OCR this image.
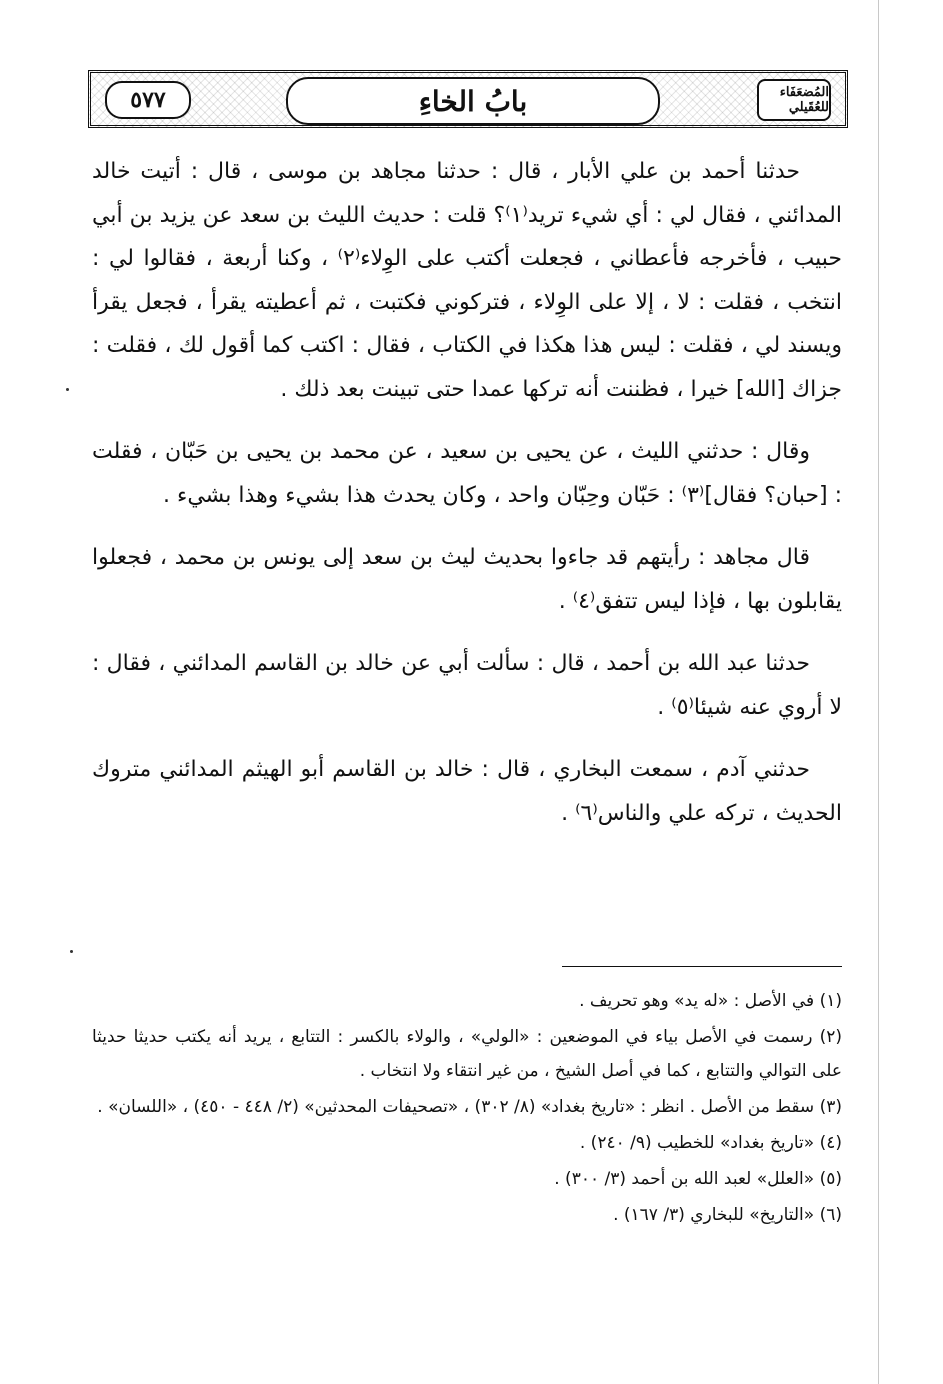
٥٧٧	بابُ الخاءِ	المُضعَفَاء للعُقَيلي

حدثنا أحمد بن علي الأبار ، قال : حدثنا مجاهد بن موسى ، قال : أتيت خالد المدائني ، فقال لي : أي شيء تريد⁽١⁾؟ قلت : حديث الليث بن سعد عن يزيد بن أبي حبيب ، فأخرجه فأعطاني ، فجعلت أكتب على الوِلاء⁽٢⁾ ، وكنا أربعة ، فقالوا لي : انتخب ، فقلت : لا ، إلا على الوِلاء ، فتركوني فكتبت ، ثم أعطيته يقرأ ، فجعل يقرأ ويسند لي ، فقلت : ليس هذا هكذا في الكتاب ، فقال : اكتب كما أقول لك ، فقلت : جزاك [الله] خيرا ، فظننت أنه تركها عمدا حتى تبينت بعد ذلك .

وقال : حدثني الليث ، عن يحيى بن سعيد ، عن محمد بن يحيى بن حَبّان ، فقلت : [حبان؟ فقال]⁽٣⁾ : حَبّان وحِبّان واحد ، وكان يحدث هذا بشيء وهذا بشيء .

قال مجاهد : رأيتهم قد جاءوا بحديث ليث بن سعد إلى يونس بن محمد ، فجعلوا يقابلون بها ، فإذا ليس تتفق⁽٤⁾ .

حدثنا عبد الله بن أحمد ، قال : سألت أبي عن خالد بن القاسم المدائني ، فقال : لا أروي عنه شيئا⁽٥⁾ .

حدثني آدم ، سمعت البخاري ، قال : خالد بن القاسم أبو الهيثم المدائني متروك الحديث ، تركه علي والناس⁽٦⁾ .

(١) في الأصل : «له يد» وهو تحريف .
(٢) رسمت في الأصل بياء في الموضعين : «الولي» ، والولاء بالكسر : التتابع ، يريد أنه يكتب حديثا حديثا على التوالي والتتابع ، كما في أصل الشيخ ، من غير انتقاء ولا انتخاب .
(٣) سقط من الأصل . انظر : «تاريخ بغداد» (٨/ ٣٠٢) ، «تصحيفات المحدثين» (٢/ ٤٤٨ - ٤٥٠) ، «اللسان» .
(٤) «تاريخ بغداد» للخطيب (٩/ ٢٤٠) .
(٥) «العلل» لعبد الله بن أحمد (٣/ ٣٠٠) .
(٦) «التاريخ» للبخاري (٣/ ١٦٧) .
